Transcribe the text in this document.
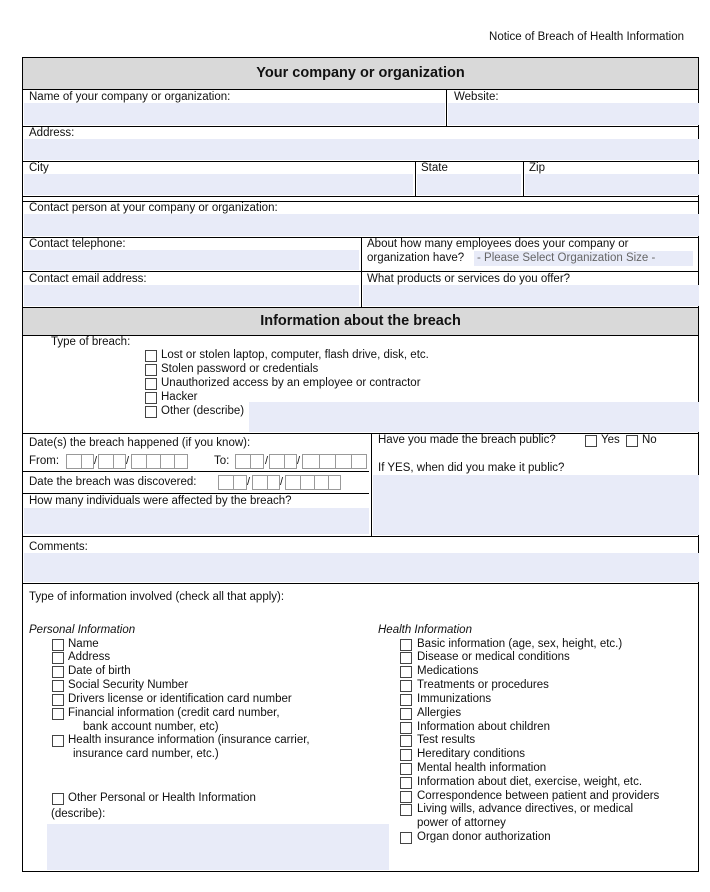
Notice of Breach of Health Information
Your company or organization
Name of your company or organization:	Website:
Address:
City	State	Zip
Contact person at your company or organization:
Contact telephone:	About how many employees does your company or
organization have? - Please Select Organization Size -
Contact email address:	What products or services do you offer?
Information about the breach
Type of breach:
Lost or stolen laptop, computer, flash drive, disk, etc.
Stolen password or credentials
Unauthorized access by an employee or contractor
Hacker
Other (describe)
Date(s) the breach happened (if you know):
From:	/	/	To:	/	/
Date the breach was discovered:	/	/
How many individuals were affected by the breach?
Have you made the breach public?	Yes No
If YES, when did you make it public?
Comments:
Type of information involved (check all that apply):
Personal Information
Name
Address
Date of birth
Social Security Number
Drivers license or identification card number
Financial information (credit card number,
bank account number, etc)
Health insurance information (insurance carrier,
insurance card number, etc.)
Other Personal or Health Information
(describe):
Health Information
Basic information (age, sex, height, etc.)
Disease or medical conditions
Medications
Treatments or procedures
Immunizations
Allergies
Information about children
Test results
Hereditary conditions
Mental health information
Information about diet, exercise, weight, etc.
Correspondence between patient and providers
Living wills, advance directives, or medical
power of attorney
Organ donor authorization
